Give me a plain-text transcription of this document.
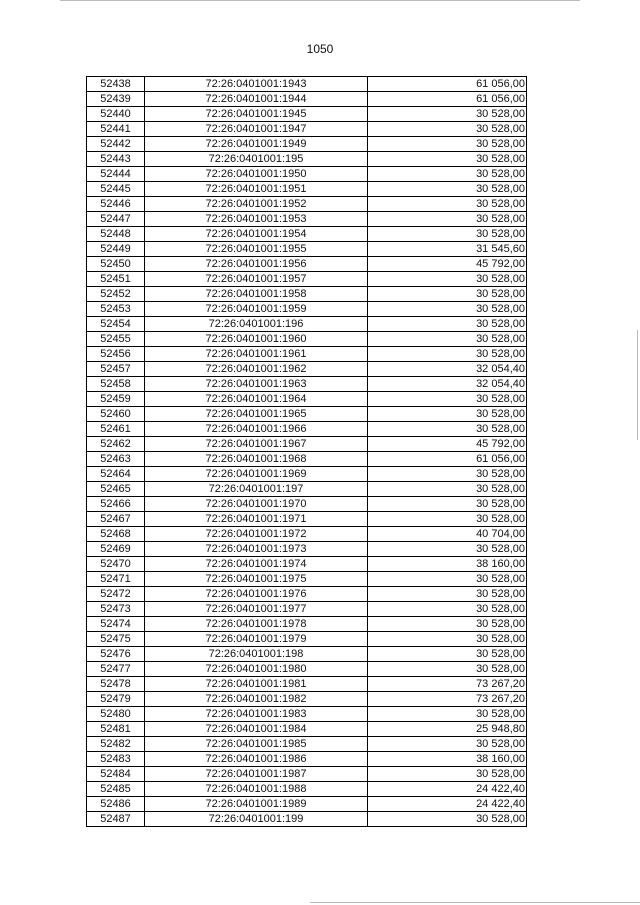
1050
52438	72:26:0401001:1943	61 056,00
52439	72:26:0401001:1944	61 056,00
52440	72:26:0401001:1945	30 528,00
52441	72:26:0401001:1947	30 528,00
52442	72:26:0401001:1949	30 528,00
52443	72:26:0401001:195	30 528,00
52444	72:26:0401001:1950	30 528,00
52445	72:26:0401001:1951	30 528,00
52446	72:26:0401001:1952	30 528,00
52447	72:26:0401001:1953	30 528,00
52448	72:26:0401001:1954	30 528,00
52449	72:26:0401001:1955	31 545,60
52450	72:26:0401001:1956	45 792,00
52451	72:26:0401001:1957	30 528,00
52452	72:26:0401001:1958	30 528,00
52453	72:26:0401001:1959	30 528,00
52454	72:26:0401001:196	30 528,00
52455	72:26:0401001:1960	30 528,00
52456	72:26:0401001:1961	30 528,00
52457	72:26:0401001:1962	32 054,40
52458	72:26:0401001:1963	32 054,40
52459	72:26:0401001:1964	30 528,00
52460	72:26:0401001:1965	30 528,00
52461	72:26:0401001:1966	30 528,00
52462	72:26:0401001:1967	45 792,00
52463	72:26:0401001:1968	61 056,00
52464	72:26:0401001:1969	30 528,00
52465	72:26:0401001:197	30 528,00
52466	72:26:0401001:1970	30 528,00
52467	72:26:0401001:1971	30 528,00
52468	72:26:0401001:1972	40 704,00
52469	72:26:0401001:1973	30 528,00
52470	72:26:0401001:1974	38 160,00
52471	72:26:0401001:1975	30 528,00
52472	72:26:0401001:1976	30 528,00
52473	72:26:0401001:1977	30 528,00
52474	72:26:0401001:1978	30 528,00
52475	72:26:0401001:1979	30 528,00
52476	72:26:0401001:198	30 528,00
52477	72:26:0401001:1980	30 528,00
52478	72:26:0401001:1981	73 267,20
52479	72:26:0401001:1982	73 267,20
52480	72:26:0401001:1983	30 528,00
52481	72:26:0401001:1984	25 948,80
52482	72:26:0401001:1985	30 528,00
52483	72:26:0401001:1986	38 160,00
52484	72:26:0401001:1987	30 528,00
52485	72:26:0401001:1988	24 422,40
52486	72:26:0401001:1989	24 422,40
52487	72:26:0401001:199	30 528,00
